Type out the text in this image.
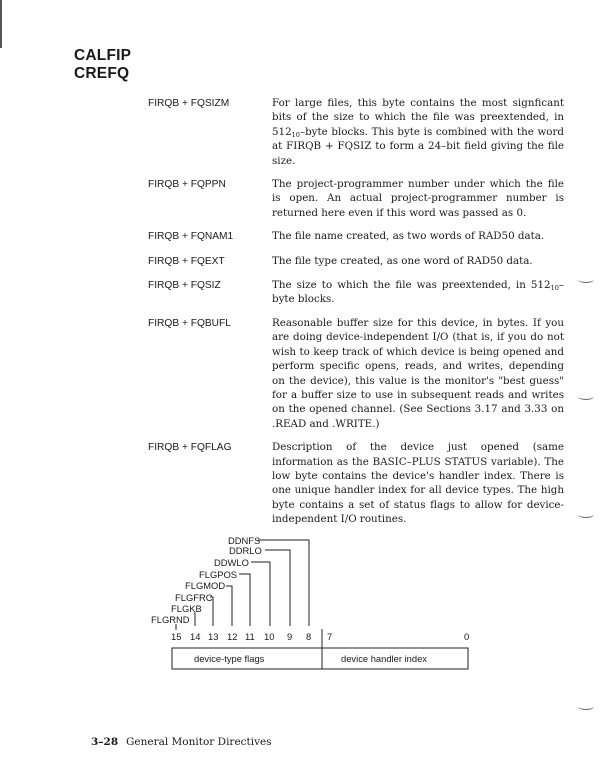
CALFIP
CREFQ
FIRQB + FQSIZM	For large files, this byte contains the most signficant bits of the size to which the file was preextended, in $512_{10}$–byte blocks. This byte is combined with the word at FIRQB + FQSIZ to form a 24–bit field giving the file size.
FIRQB + FQPPN	The project-programmer number under which the file is open. An actual project-programmer number is returned here even if this word was passed as 0.
FIRQB + FQNAM1	The file name created, as two words of RAD50 data.
FIRQB + FQEXT	The file type created, as one word of RAD50 data.
FIRQB + FQSIZ	The size to which the file was preextended, in $512_{10}$–byte blocks.
FIRQB + FQBUFL	Reasonable buffer size for this device, in bytes. If you are doing device-independent I/O (that is, if you do not wish to keep track of which device is being opened and perform specific opens, reads, and writes, depending on the device), this value is the monitor's "best guess" for a buffer size to use in subsequent reads and writes on the opened channel. (See Sections 3.17 and 3.33 on .READ and .WRITE.)
FIRQB + FQFLAG	Description of the device just opened (same information as the BASIC–PLUS STATUS variable). The low byte contains the device's handler index. There is one unique handler index for all device types. The high byte contains a set of status flags to allow for device-independent I/O routines.
DDNFS
DDRLO
DDWLO
FLGPOS
FLGMOD
FLGFRC
FLGKB
FLGRND
15 14 13 12 11 10 9 8 7	0
device-type flags	device handler index
3–28 General Monitor Directives
